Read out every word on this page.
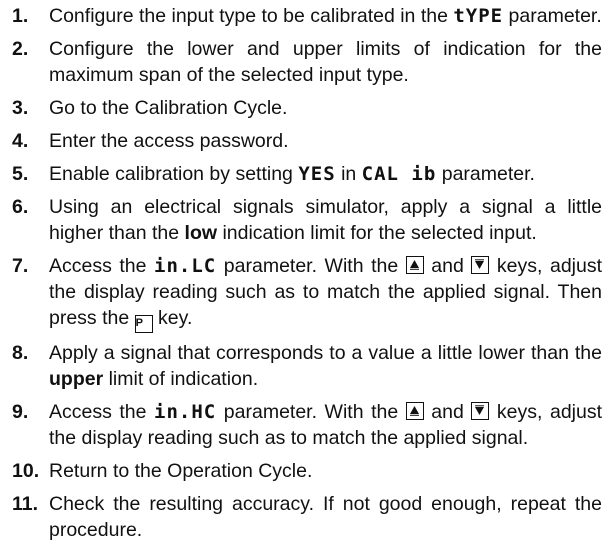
1.	Configure the input type to be calibrated in the tYPE parameter.

2.	Configure the lower and upper limits of indication for the maximum span of the selected input type.

3.	Go to the Calibration Cycle.

4.	Enter the access password.

5.	Enable calibration by setting YES in CAL ib parameter.

6.	Using an electrical signals simulator, apply a signal a little higher than the low indication limit for the selected input.

7.	Access the in.LC parameter. With the
and
keys, adjust the display reading such as to match the applied signal. Then press the P key.

8.	Apply a signal that corresponds to a value a little lower than the upper limit of indication.

9.	Access the in.HC parameter. With the
and
keys, adjust the display reading such as to match the applied signal.

10. Return to the Operation Cycle.

11. Check the resulting accuracy. If not good enough, repeat the procedure.
